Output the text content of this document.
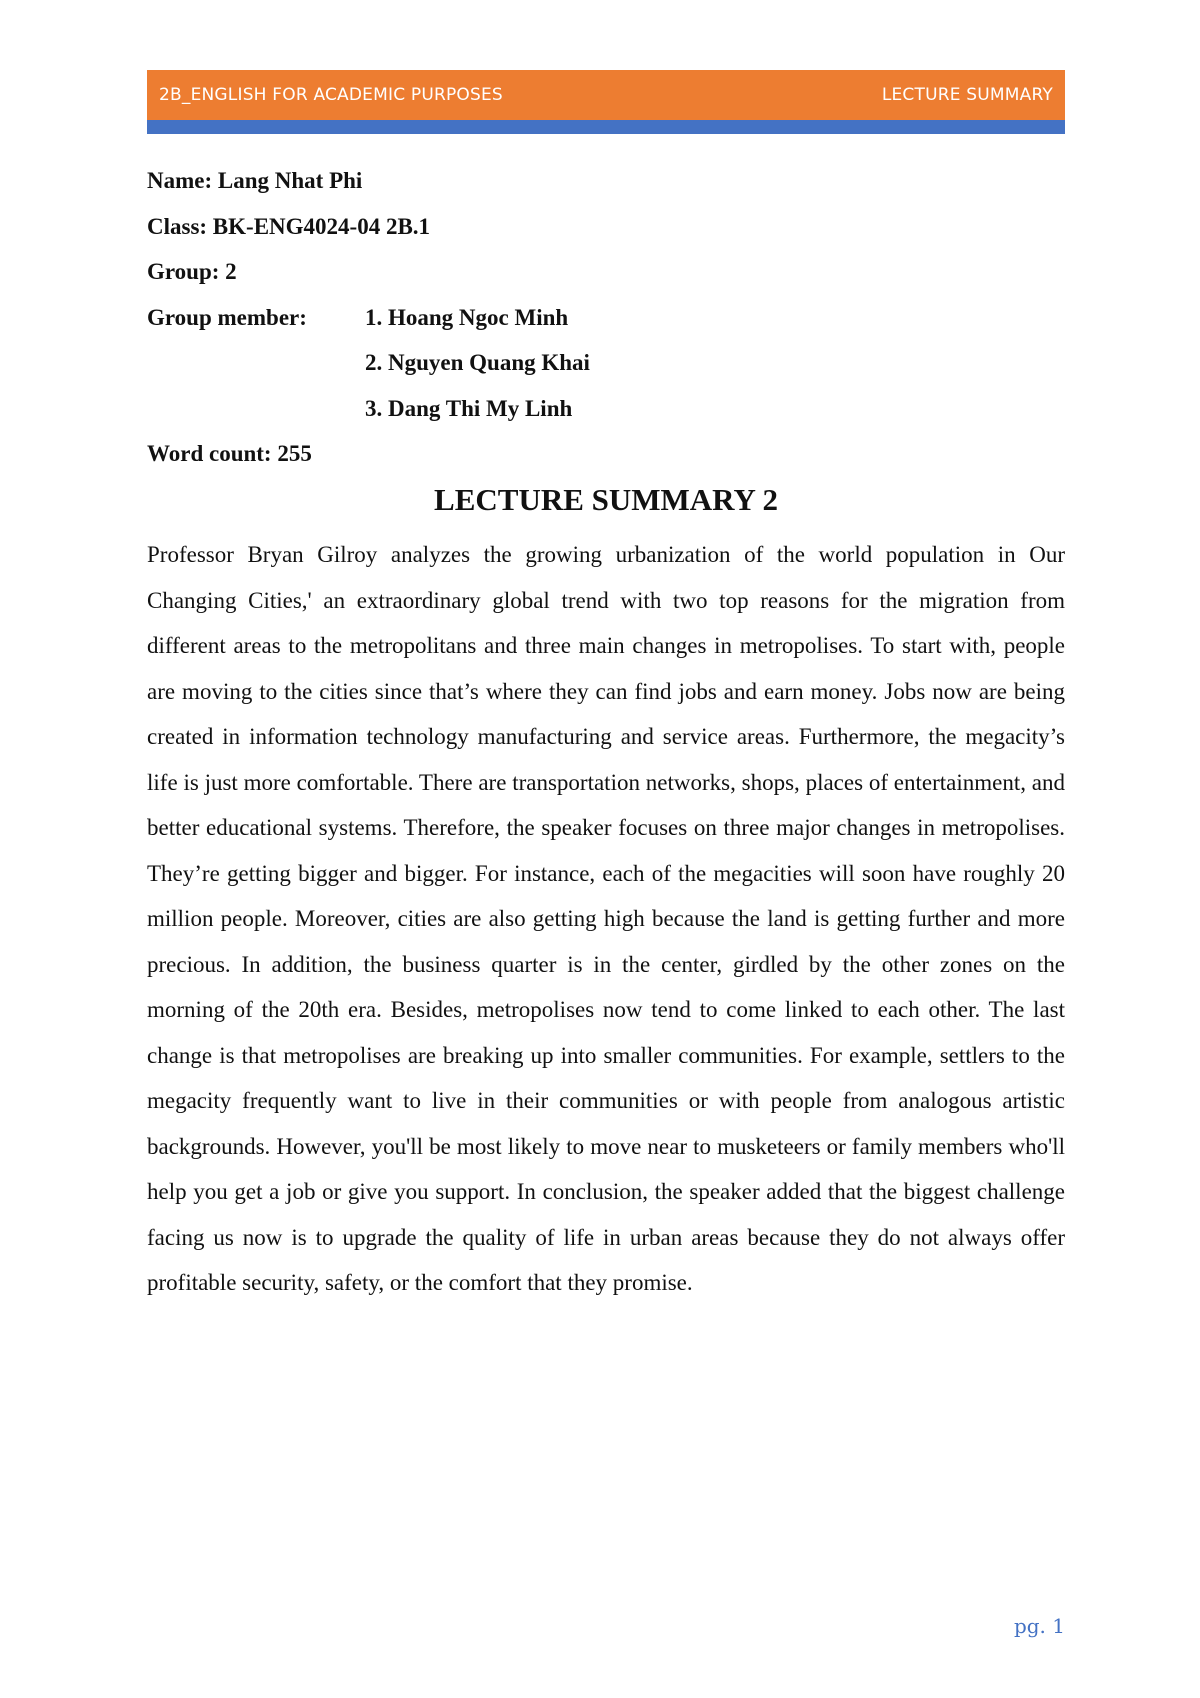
2B_ENGLISH FOR ACADEMIC PURPOSES	LECTURE SUMMARY
Name: Lang Nhat Phi
Class: BK-ENG4024-04 2B.1
Group: 2
Group member:	1. Hoang Ngoc Minh
2. Nguyen Quang Khai
3. Dang Thi My Linh
Word count: 255
LECTURE SUMMARY 2

Professor Bryan Gilroy analyzes the growing urbanization of the world population in Our Changing Cities,' an extraordinary global trend with two top reasons for the migration from different areas to the metropolitans and three main changes in metropolises. To start with, people are moving to the cities since that’s where they can find jobs and earn money. Jobs now are being created in information technology manufacturing and service areas. Furthermore, the megacity’s life is just more comfortable. There are transportation networks, shops, places of entertainment, and better educational systems. Therefore, the speaker focuses on three major changes in metropolises. They’re getting bigger and bigger. For instance, each of the megacities will soon have roughly 20 million people. Moreover, cities are also getting high because the land is getting further and more precious. In addition, the business quarter is in the center, girdled by the other zones on the morning of the 20th era. Besides, metropolises now tend to come linked to each other. The last change is that metropolises are breaking up into smaller communities. For example, settlers to the megacity frequently want to live in their communities or with people from analogous artistic backgrounds. However, you'll be most likely to move near to musketeers or family members who'll help you get a job or give you support. In conclusion, the speaker added that the biggest challenge facing us now is to upgrade the quality of life in urban areas because they do not always offer profitable security, safety, or the comfort that they promise.

pg. 1
